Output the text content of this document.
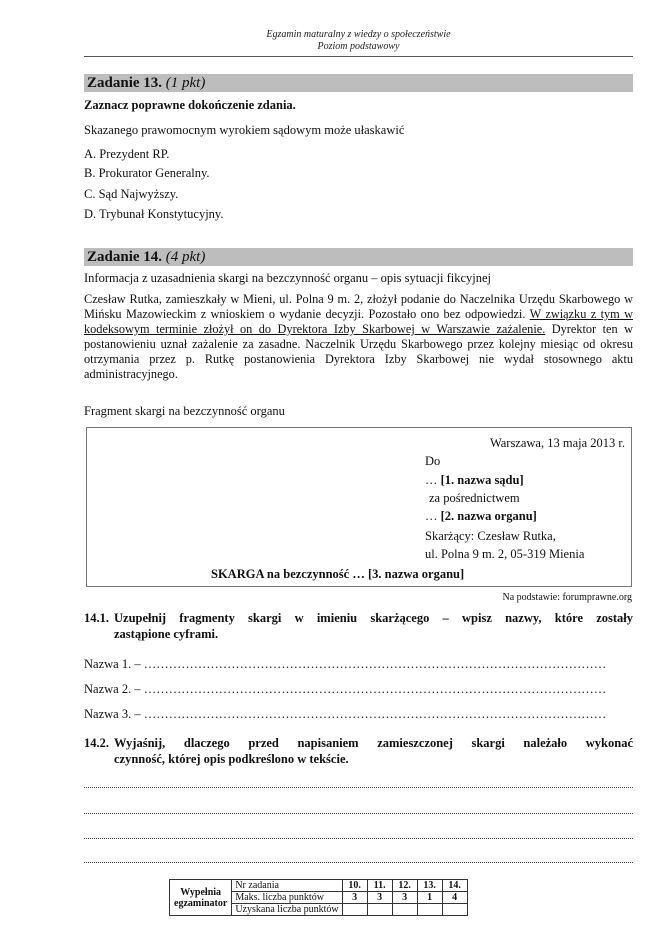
Egzamin maturalny z wiedzy o społeczeństwie
Poziom podstawowy
Zadanie 13. (1 pkt)
Zaznacz poprawne dokończenie zdania.
Skazanego prawomocnym wyrokiem sądowym może ułaskawić
A. Prezydent RP.
B. Prokurator Generalny.
C. Sąd Najwyższy.
D. Trybunał Konstytucyjny.
Zadanie 14. (4 pkt)
Informacja z uzasadnienia skargi na bezczynność organu – opis sytuacji fikcyjnej
Czesław Rutka, zamieszkały w Mieni, ul. Polna 9 m. 2, złożył podanie do Naczelnika Urzędu Skarbowego w Mińsku Mazowieckim z wnioskiem o wydanie decyzji. Pozostało ono bez odpowiedzi. W związku z tym w kodeksowym terminie złożył on do Dyrektora Izby Skarbowej w Warszawie zażalenie. Dyrektor ten w postanowieniu uznał zażalenie za zasadne. Naczelnik Urzędu Skarbowego przez kolejny miesiąc od okresu otrzymania przez p. Rutkę postanowienia Dyrektora Izby Skarbowej nie wydał stosownego aktu administracyjnego.
Fragment skargi na bezczynność organu
Warszawa, 13 maja 2013 r.
Do
… [1. nazwa sądu]
za pośrednictwem
… [2. nazwa organu]
Skarżący: Czesław Rutka,
ul. Polna 9 m. 2, 05-319 Mienia
SKARGA na bezczynność … [3. nazwa organu]
Na podstawie: forumprawne.org
14.1. Uzupełnij fragmenty skargi w imieniu skarżącego – wpisz nazwy, które zostały
zastąpione cyframi.
Nazwa 1. – …………………………………………………………………………………………………
Nazwa 2. – …………………………………………………………………………………………………
Nazwa 3. – …………………………………………………………………………………………………
14.2. Wyjaśnij, dlaczego przed napisaniem zamieszczonej skargi należało wykonać
czynność, której opis podkreślono w tekście.
Wypełnia
egzaminator	Nr zadania	10.	11.	12.	13.	14.
	Maks. liczba punktów	3	3	3	1	4
	Uzyskana liczba punktów					
